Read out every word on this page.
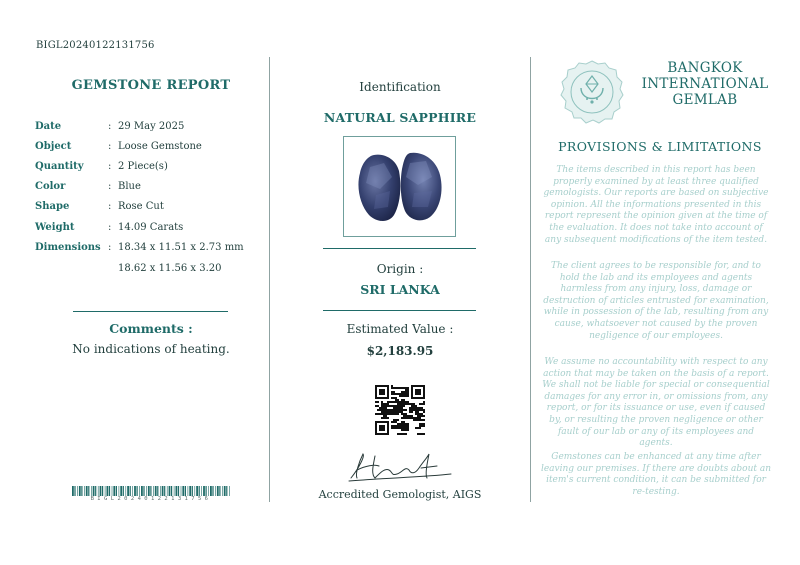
BIGL20240122131756
GEMSTONE REPORT
Date	: 29 May 2025
Object	: Loose Gemstone
Quantity	: 2 Piece(s)
Color	: Blue
Shape	: Rose Cut
Weight	: 14.09 Carats
Dimensions : 18.34 x 11.51 x 2.73 mm
18.62 x 11.56 x 3.20
Comments :
No indications of heating.
BIGL20240122131756
Identification
NATURAL SAPPHIRE
Origin :
SRI LANKA
Estimated Value :
$2,183.95
Hashen A.
Accredited Gemologist, AIGS
BANGKOK
INTERNATIONAL
GEMLAB
PROVISIONS & LIMITATIONS
The items described in this report has been properly examined by at least three qualified gemologists. Our reports are based on subjective opinion. All the informations presented in this report represent the opinion given at the time of the evaluation. It does not take into account of any subsequent modifications of the item tested.
The client agrees to be responsible for, and to hold the lab and its employees and agents harmless from any injury, loss, damage or destruction of articles entrusted for examination, while in possession of the lab, resulting from any cause, whatsoever not caused by the proven negligence of our employees.
We assume no accountability with respect to any action that may be taken on the basis of a report. We shall not be liable for special or consequential damages for any error in, or omissions from, any report, or for its issuance or use, even if caused by, or resulting the proven negligence or other fault of our lab or any of its employees and agents.
Gemstones can be enhanced at any time after leaving our premises. If there are doubts about an item's current condition, it can be submitted for re-testing.
